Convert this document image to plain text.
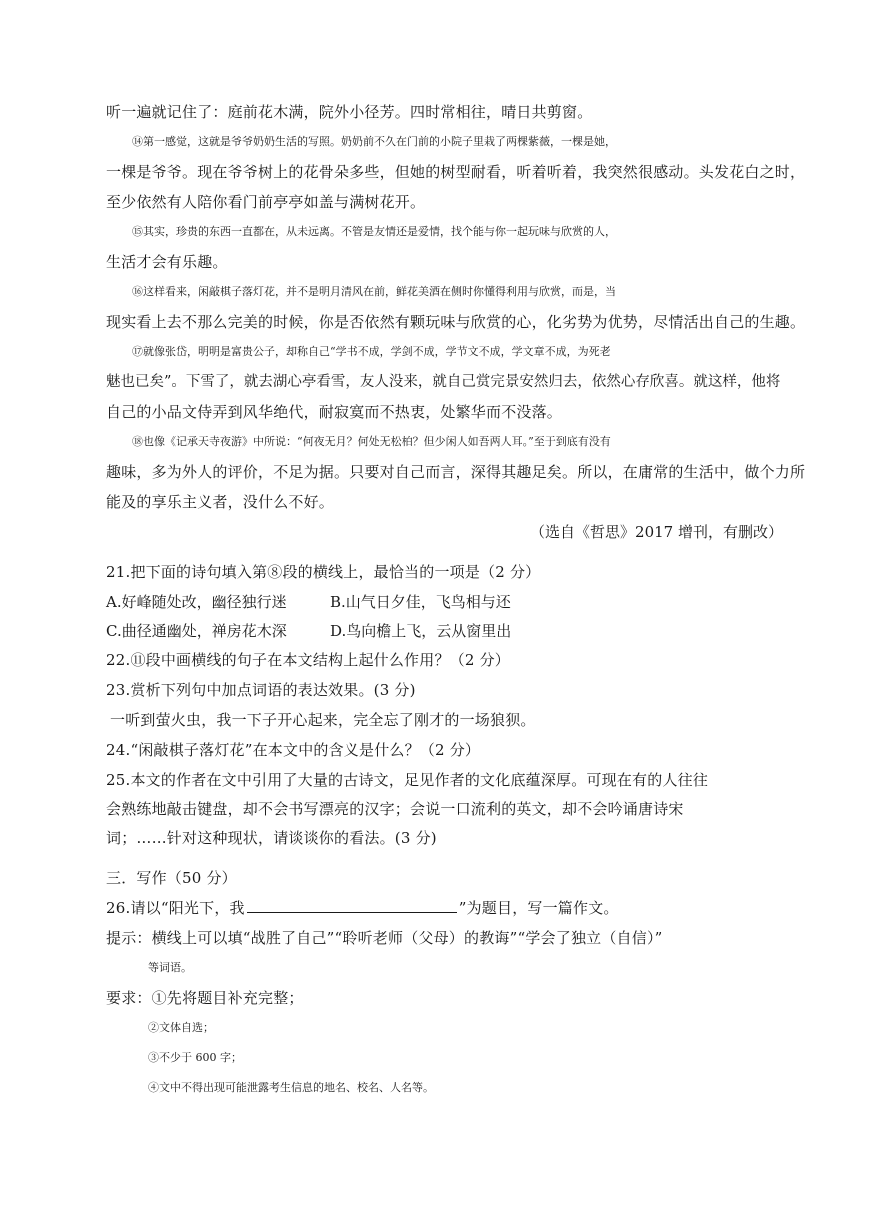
听一遍就记住了：庭前花木满，院外小径芳。四时常相往，晴日共剪窗。
⑭第一感觉，这就是爷爷奶奶生活的写照。奶奶前不久在门前的小院子里栽了两棵紫薇，一棵是她，
一棵是爷爷。现在爷爷树上的花骨朵多些，但她的树型耐看，听着听着，我突然很感动。头发花白之时，
至少依然有人陪你看门前亭亭如盖与满树花开。
⑮其实，珍贵的东西一直都在，从未远离。不管是友情还是爱情，找个能与你一起玩味与欣赏的人，
生活才会有乐趣。
⑯这样看来，闲敲棋子落灯花，并不是明月清风在前，鲜花美酒在侧时你懂得利用与欣赏，而是，当
现实看上去不那么完美的时候，你是否依然有颗玩味与欣赏的心，化劣势为优势，尽情活出自己的生趣。
⑰就像张岱，明明是富贵公子，却称自己“学书不成，学剑不成，学节文不成，学文章不成，为死老
魅也已矣”。下雪了，就去湖心亭看雪，友人没来，就自己赏完景安然归去，依然心存欣喜。就这样，他将
自己的小品文侍弄到风华绝代，耐寂寞而不热衷，处繁华而不没落。
⑱也像《记承天寺夜游》中所说：“何夜无月？何处无松柏？但少闲人如吾两人耳。”至于到底有没有
趣味，多为外人的评价，不足为据。只要对自己而言，深得其趣足矣。所以，在庸常的生活中，做个力所
能及的享乐主义者，没什么不好。
（选自《哲思》2017 增刊，有删改）
21.把下面的诗句填入第⑧段的横线上，最恰当的一项是（2 分）
A.好峰随处改，幽径独行迷	B.山气日夕佳，飞鸟相与还
C.曲径通幽处，禅房花木深	D.鸟向檐上飞，云从窗里出
22.⑪段中画横线的句子在本文结构上起什么作用？（2 分）
23.赏析下列句中加点词语的表达效果。(3 分)
一听到萤火虫，我一下子开心起来，完全忘了刚才的一场狼狈。
24.“闲敲棋子落灯花”在本文中的含义是什么？（2 分）
25.本文的作者在文中引用了大量的古诗文，足见作者的文化底蕴深厚。可现在有的人往往
会熟练地敲击键盘，却不会书写漂亮的汉字；会说一口流利的英文，却不会吟诵唐诗宋
词；……针对这种现状，请谈谈你的看法。(3 分)
三．写作（50 分）
26.请以“阳光下，我	”为题目，写一篇作文。
提示：横线上可以填“战胜了自己”“聆听老师（父母）的教诲”“学会了独立（自信）”
等词语。
要求：①先将题目补充完整；
②文体自选；
③不少于 600 字；
④文中不得出现可能泄露考生信息的地名、校名、人名等。
